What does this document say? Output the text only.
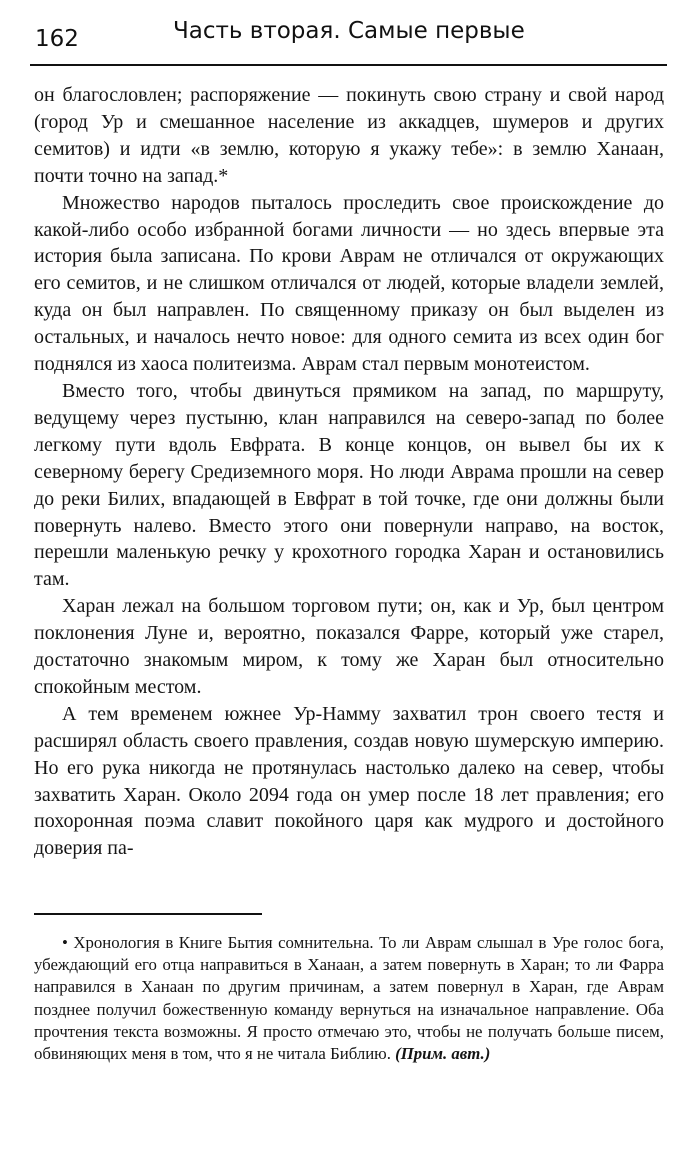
162	Часть вторая. Самые первые

он благословлен; распоряжение — покинуть свою страну и свой народ (город Ур и смешанное население из аккадцев, шумеров и других семитов) и идти «в землю, которую я укажу тебе»: в землю Ханаан, почти точно на запад.*

Множество народов пыталось проследить свое проискождение до какой-либо особо избранной богами личности — но здесь впервые эта история была записана. По крови Аврам не отличался от окружающих его семитов, и не слишком отличался от людей, которые владели землей, куда он был направлен. По священному приказу он был выделен из остальных, и началось нечто новое: для одного семита из всех один бог поднялся из хаоса политеизма. Аврам стал первым монотеистом.

Вместо того, чтобы двинуться прямиком на запад, по маршруту, ведущему через пустыню, клан направился на северо-запад по более легкому пути вдоль Евфрата. В конце концов, он вывел бы их к северному берегу Средиземного моря. Но люди Аврама прошли на север до реки Билих, впадающей в Евфрат в той точке, где они должны были повернуть налево. Вместо этого они повернули направо, на восток, перешли маленькую речку у крохотного городка Харан и остановились там.

Харан лежал на большом торговом пути; он, как и Ур, был центром поклонения Луне и, вероятно, показался Фарре, который уже старел, достаточно знакомым миром, к тому же Харан был относительно спокойным местом.

А тем временем южнее Ур-Намму захватил трон своего тестя и расширял область своего правления, создав новую шумерскую империю. Но его рука никогда не протянулась настолько далеко на север, чтобы захватить Харан. Около 2094 года он умер после 18 лет правления; его похоронная поэма славит покойного царя как мудрого и достойного доверия па-

• Хронология в Книге Бытия сомнительна. То ли Аврам слышал в Уре голос бога, убеждающий его отца направиться в Ханаан, а затем повернуть в Харан; то ли Фарра направился в Ханаан по другим причинам, а затем повернул в Харан, где Аврам позднее получил божественную команду вернуться на изначальное направление. Оба прочтения текста возможны. Я просто отмечаю это, чтобы не получать больше писем, обвиняющих меня в том, что я не читала Библию. (Прим. авт.)
